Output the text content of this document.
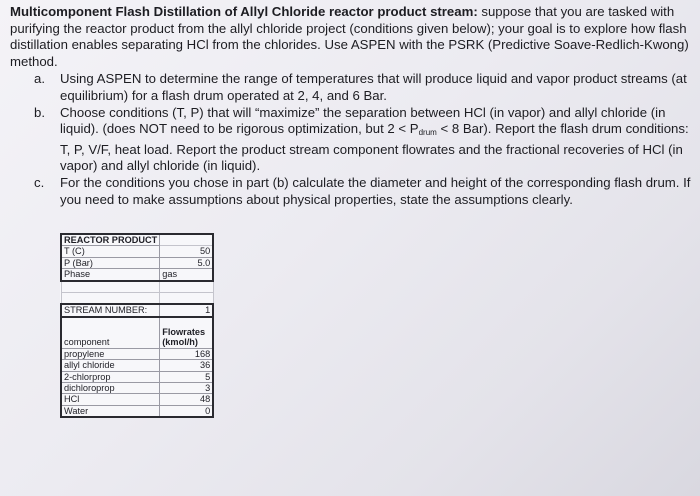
Multicomponent Flash Distillation of Allyl Chloride reactor product stream: suppose that you are tasked with purifying the reactor product from the allyl chloride project (conditions given below); your goal is to explore how flash distillation enables separating HCl from the chlorides. Use ASPEN with the PSRK (Predictive Soave-Redlich-Kwong) method.

a. Using ASPEN to determine the range of temperatures that will produce liquid and vapor product streams (at equilibrium) for a flash drum operated at 2, 4, and 6 Bar.
b. Choose conditions (T, P) that will “maximize” the separation between HCl (in vapor) and allyl chloride (in liquid). (does NOT need to be rigorous optimization, but $2 < P_{drum} < 8$ Bar). Report the flash drum conditions: T, P, V/F, heat load. Report the product stream component flowrates and the fractional recoveries of HCl (in vapor) and allyl chloride (in liquid).
c. For the conditions you chose in part (b) calculate the diameter and height of the corresponding flash drum. If you need to make assumptions about physical properties, state the assumptions clearly.
REACTOR PRODUCT	
T (C)	50
P (Bar)	5.0
Phase	gas

STREAM NUMBER:	1
component	Flowrates
(kmol/h)

propylene	168
allyl chloride	36
2-chlorprop	5
dichloroprop	3
HCl	48
Water	0
